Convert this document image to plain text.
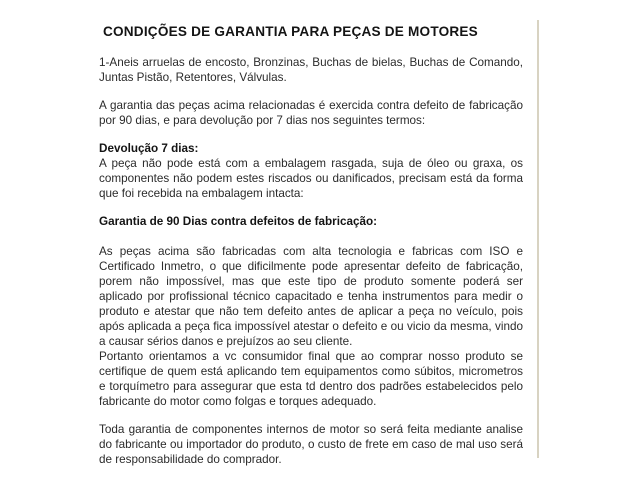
CONDIÇÕES DE GARANTIA PARA PEÇAS DE MOTORES

1-Aneis arruelas de encosto, Bronzinas, Buchas de bielas, Buchas de Comando, Juntas Pistão, Retentores, Válvulas.

A garantia das peças acima relacionadas é exercida contra defeito de fabricação por 90 dias, e para devolução por 7 dias nos seguintes termos:

Devolução 7 dias:

A peça não pode está com a embalagem rasgada, suja de óleo ou graxa, os componentes não podem estes riscados ou danificados, precisam está da forma que foi recebida na embalagem intacta:

Garantia de 90 Dias contra defeitos de fabricação:

As peças acima são fabricadas com alta tecnologia e fabricas com ISO e Certificado Inmetro, o que dificilmente pode apresentar defeito de fabricação, porem não impossível, mas que este tipo de produto somente poderá ser aplicado por profissional técnico capacitado e tenha instrumentos para medir o produto e atestar que não tem defeito antes de aplicar a peça no veículo, pois após aplicada a peça fica impossível atestar o defeito e ou vicio da mesma, vindo a causar sérios danos e prejuízos ao seu cliente.

Portanto orientamos a vc consumidor final que ao comprar nosso produto se certifique de quem está aplicando tem equipamentos como súbitos, micrometros e torquímetro para assegurar que esta td dentro dos padrões estabelecidos pelo fabricante do motor como folgas e torques adequado.

Toda garantia de componentes internos de motor so será feita mediante analise do fabricante ou importador do produto, o custo de frete em caso de mal uso será de responsabilidade do comprador.
